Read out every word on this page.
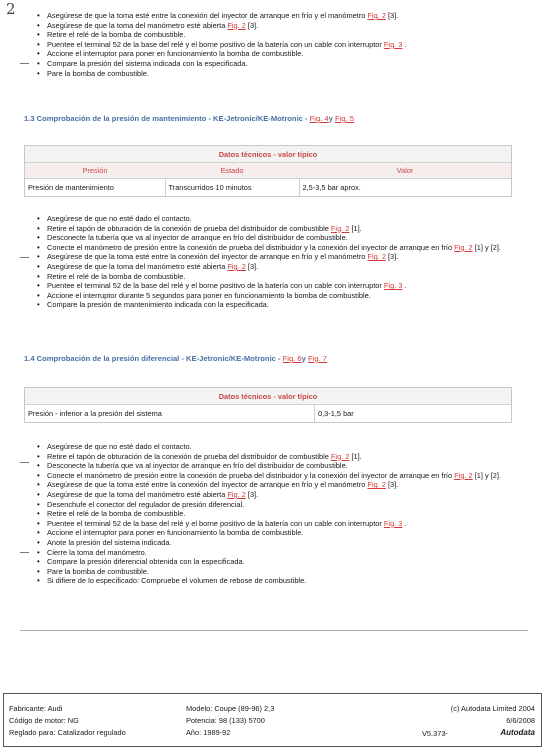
2	• Asegúrese de que la toma esté entre la conexión del inyector de arranque en frío y el manómetro Fig. 2 [3].
• Asegúrese de que la toma del manómetro esté abierta Fig. 2 [3].
• Retire el relé de la bomba de combustible.
• Puentee el terminal 52 de la base del relé y el borne positivo de la batería con un cable con interruptor Fig. 3 .
• Accione el interruptor para poner en funcionamiento la bomba de combustible.
• Compare la presión del sistema indicada con la especificada.
• Pare la bomba de combustible.
1.3 Comprobación de la presión de mantenimiento - KE-Jetronic/KE-Motronic - Fig. 4y Fig. 5
Datos técnicos - valor típico
Presión	Estado	Valor
Presión de mantenimiento	Transcurridos 10 minutos	2,5-3,5 bar aprox.
• Asegúrese de que no esté dado el contacto.
• Retire el tapón de obturación de la conexión de prueba del distribuidor de combustible Fig. 2 [1].
• Desconecte la tubería que va al inyector de arranque en frío del distribuidor de combustible.
• Conecte el manómetro de presión entre la conexión de prueba del distribuidor y la conexión del inyector de arranque en frío Fig. 2 [1] y [2].
• Asegúrese de que la toma esté entre la conexión del inyector de arranque en frío y el manómetro Fig. 2 [3].
• Asegúrese de que la toma del manómetro esté abierta Fig. 2 [3].
• Retire el relé de la bomba de combustible.
• Puentee el terminal 52 de la base del relé y el borne positivo de la batería con un cable con interruptor Fig. 3 .
• Accione el interruptor durante 5 segundos para poner en funcionamiento la bomba de combustible.
• Compare la presión de mantenimiento indicada con la especificada.
1.4 Comprobación de la presión diferencial - KE-Jetronic/KE-Motronic - Fig. 6y Fig. 7
Datos técnicos - valor típico
Presión - inferior a la presión del sistema	0,3-1,5 bar
• Asegúrese de que no esté dado el contacto.
• Retire el tapón de obturación de la conexión de prueba del distribuidor de combustible Fig. 2 [1].
• Desconecte la tubería que va al inyector de arranque en frío del distribuidor de combustible.
• Conecte el manómetro de presión entre la conexión de prueba del distribuidor y la conexión del inyector de arranque en frío Fig. 2 [1] y [2].
• Asegúrese de que la toma esté entre la conexión del inyector de arranque en frío y el manómetro Fig. 2 [3].
• Asegúrese de que la toma del manómetro esté abierta Fig. 2 [3].
• Desenchufe el conector del regulador de presión diferencial.
• Retire el relé de la bomba de combustible.
• Puentee el terminal 52 de la base del relé y el borne positivo de la batería con un cable con interruptor Fig. 3 .
• Accione el interruptor para poner en funcionamiento la bomba de combustible.
• Anote la presión del sistema indicada.
• Cierre la toma del manómetro.
• Compare la presión diferencial obtenida con la especificada.
• Pare la bomba de combustible.
• Si difiere de lo especificado: Compruebe el volumen de rebose de combustible.
Fabricante: Audi
Código de motor: NG
Reglado para: Catalizador regulado
Modelo: Coupe (89-96) 2,3
Potencia: 98 (133) 5700
Año: 1989-92
(c) Autodata Limited 2004
6/6/2008
V5.373-	Autodata
